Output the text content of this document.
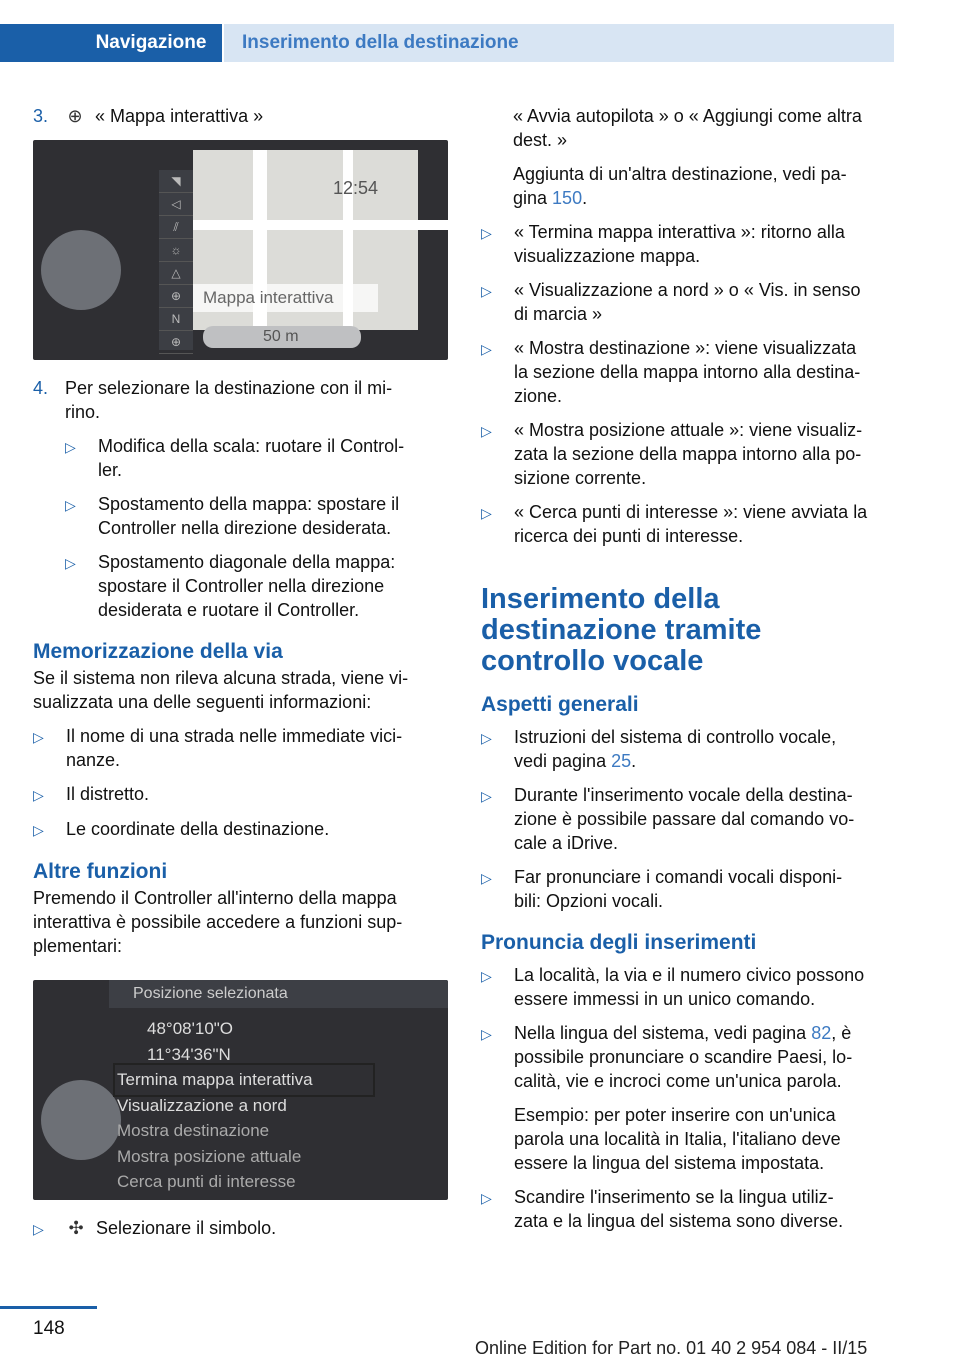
Navigazione	Inserimento della destinazione
3.	⊕ « Mappa interattiva »
12:54
◥
◁
⫽
☼
△
⊕
N
⊕
Mappa interattiva
50 m
4. Per selezionare la destinazione con il mi-
rino.
▷	Modifica della scala: ruotare il Control-
ler.
▷	Spostamento della mappa: spostare il
Controller nella direzione desiderata.
▷	Spostamento diagonale della mappa:
spostare il Controller nella direzione
desiderata e ruotare il Controller.
Memorizzazione della via

Se il sistema non rileva alcuna strada, viene vi-
sualizzata una delle seguenti informazioni:

▷	Il nome di una strada nelle immediate vici-
nanze.
▷	Il distretto.
▷	Le coordinate della destinazione.
Altre funzioni

Premendo il Controller all'interno della mappa
interattiva è possibile accedere a funzioni sup-
plementari:

Posizione selezionata
48°08'10"O
11°34'36"N
Termina mappa interattiva
Visualizzazione a nord
Mostra destinazione
Mostra posizione attuale
Cerca punti di interesse
▷	✣ Selezionare il simbolo.

« Avvia autopilota » o « Aggiungi come altra
dest. »

Aggiunta di un'altra destinazione, vedi pa-
gina 150.

▷	« Termina mappa interattiva »: ritorno alla
visualizzazione mappa.
▷	« Visualizzazione a nord » o « Vis. in senso
di marcia »
▷	« Mostra destinazione »: viene visualizzata
la sezione della mappa intorno alla destina-
zione.
▷	« Mostra posizione attuale »: viene visualiz-
zata la sezione della mappa intorno alla po-
sizione corrente.
▷	« Cerca punti di interesse »: viene avviata la
ricerca dei punti di interesse.
Inserimento della
destinazione tramite
controllo vocale
Aspetti generali
▷	Istruzioni del sistema di controllo vocale,
vedi pagina 25.
▷	Durante l'inserimento vocale della destina-
zione è possibile passare dal comando vo-
cale a iDrive.
▷	Far pronunciare i comandi vocali disponi-
bili: Opzioni vocali.
Pronuncia degli inserimenti
▷	La località, la via e il numero civico possono
essere immessi in un unico comando.
▷	Nella lingua del sistema, vedi pagina 82, è
possibile pronunciare o scandire Paesi, lo-
calità, vie e incroci come un'unica parola.

Esempio: per poter inserire con un'unica
parola una località in Italia, l'italiano deve
essere la lingua del sistema impostata.

▷	Scandire l'inserimento se la lingua utiliz-
zata e la lingua del sistema sono diverse.
148
Online Edition for Part no. 01 40 2 954 084 - II/15
